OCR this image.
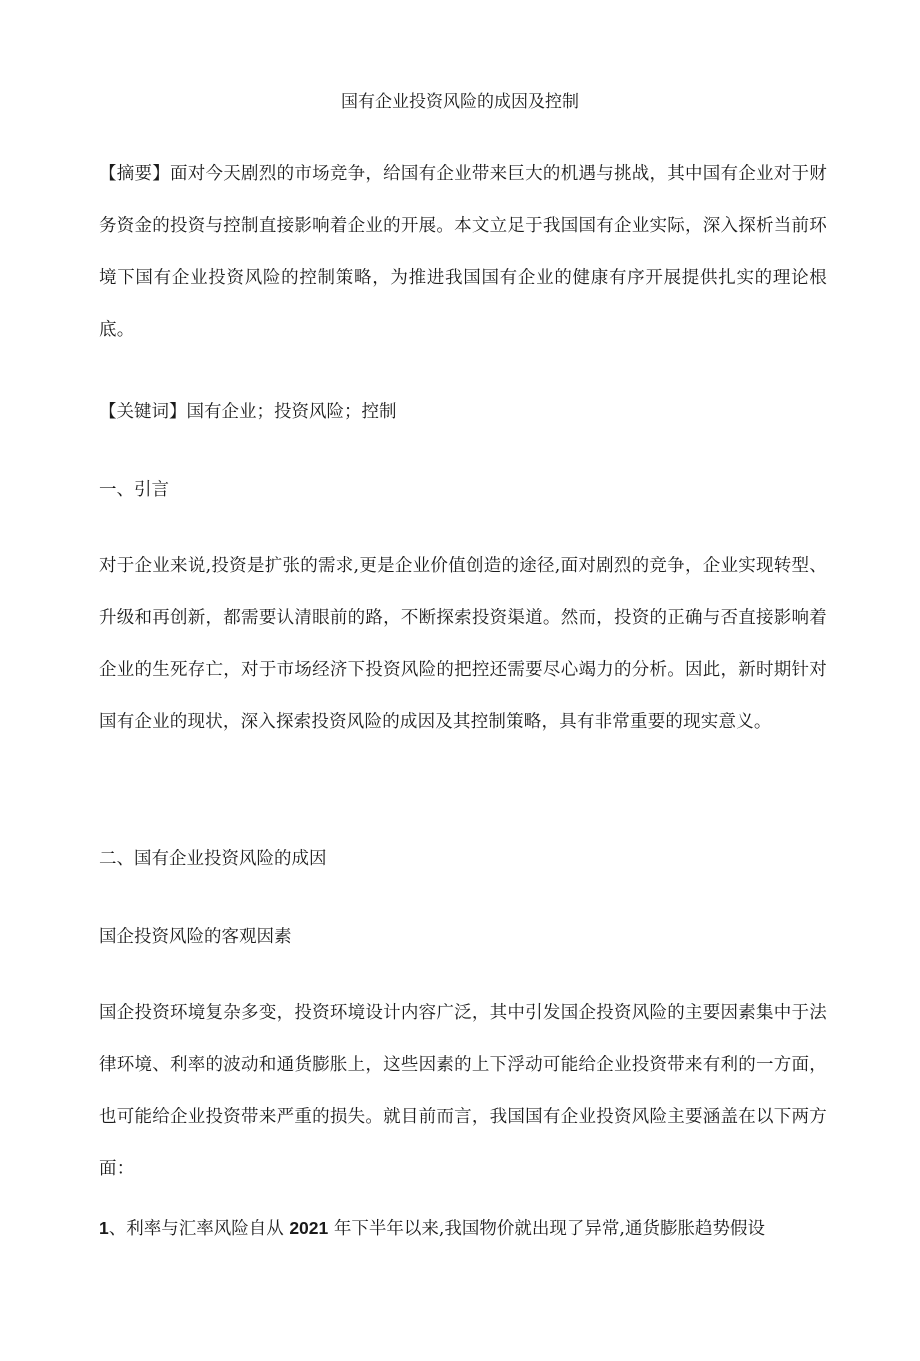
国有企业投资风险的成因及控制

【摘要】面对今天剧烈的市场竞争，给国有企业带来巨大的机遇与挑战，其中国有企业对于财务资金的投资与控制直接影响着企业的开展。本文立足于我国国有企业实际，深入探析当前环境下国有企业投资风险的控制策略，为推进我国国有企业的健康有序开展提供扎实的理论根底。

【关键词】国有企业；投资风险；控制

一、引言

对于企业来说,投资是扩张的需求,更是企业价值创造的途径,面对剧烈的竞争，企业实现转型、升级和再创新，都需要认清眼前的路，不断探索投资渠道。然而，投资的正确与否直接影响着企业的生死存亡，对于市场经济下投资风险的把控还需要尽心竭力的分析。因此，新时期针对国有企业的现状，深入探索投资风险的成因及其控制策略，具有非常重要的现实意义。

二、国有企业投资风险的成因

国企投资风险的客观因素

国企投资环境复杂多变，投资环境设计内容广泛，其中引发国企投资风险的主要因素集中于法律环境、利率的波动和通货膨胀上，这些因素的上下浮动可能给企业投资带来有利的一方面，也可能给企业投资带来严重的损失。就目前而言，我国国有企业投资风险主要涵盖在以下两方面：

1、利率与汇率风险自从 2021 年下半年以来,我国物价就出现了异常,通货膨胀趋势假设
